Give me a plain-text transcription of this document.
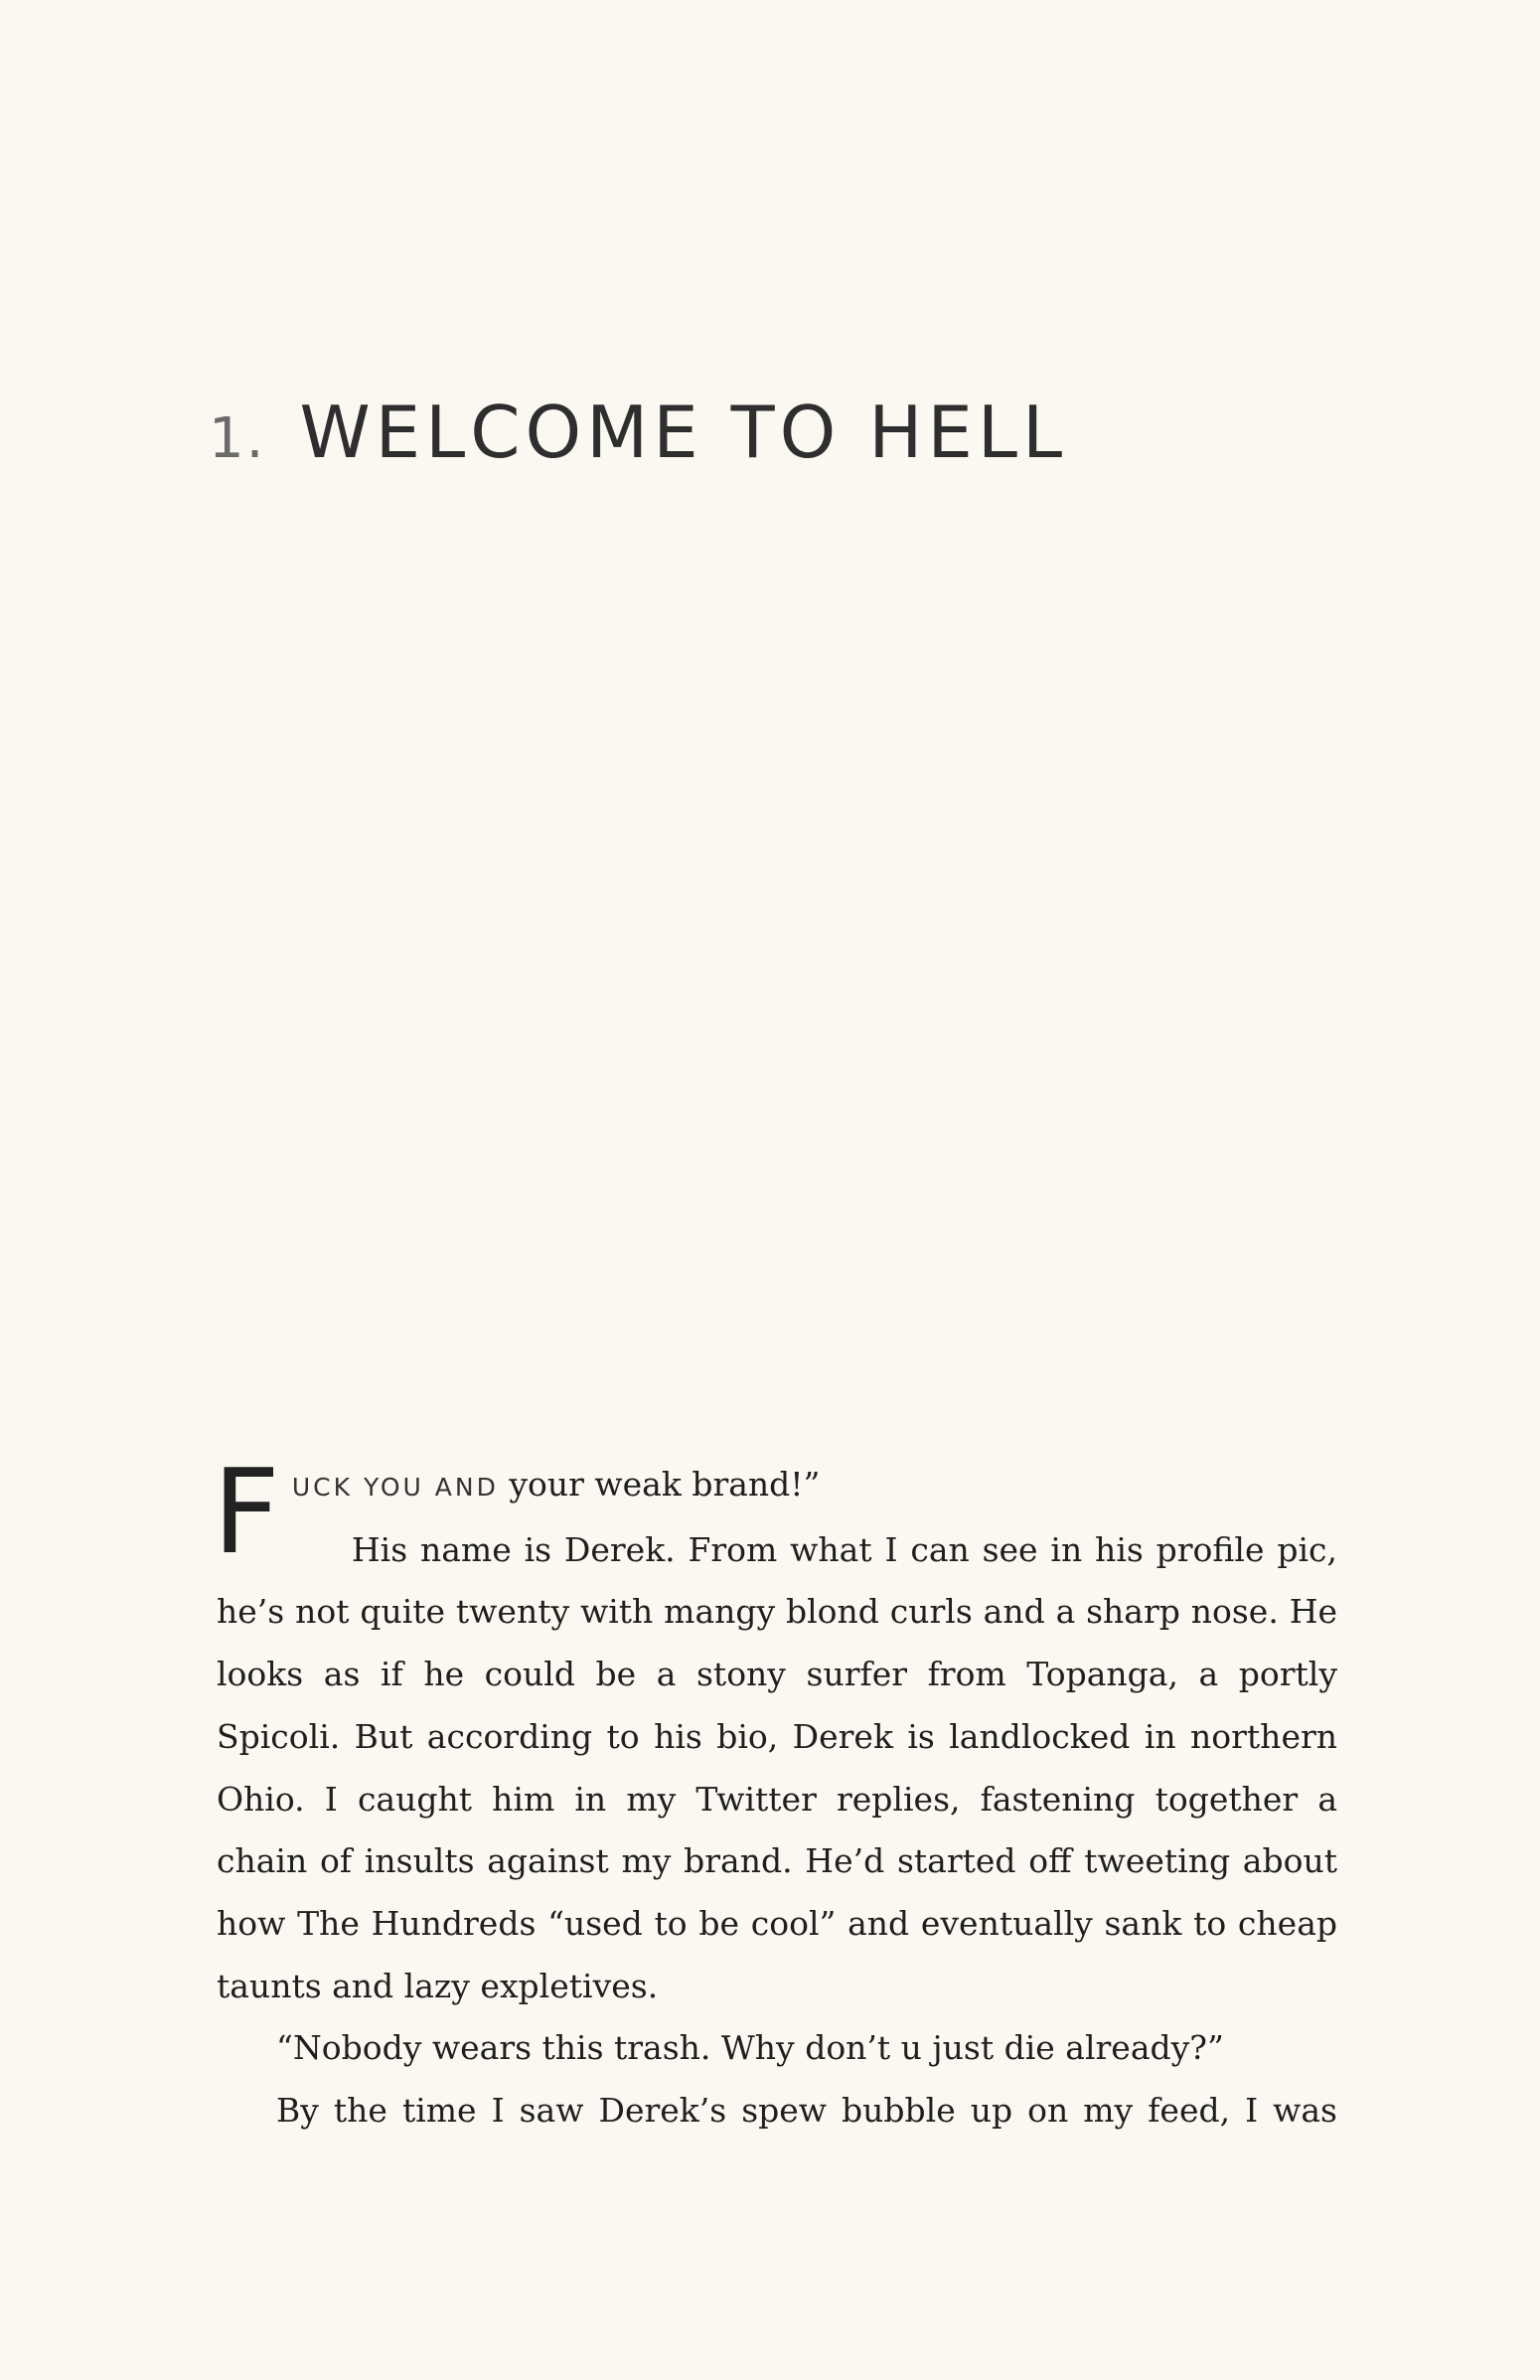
1. WELCOME TO HELL

FUCK YOU AND your weak brand!”

His name is Derek. From what I can see in his profile pic, he’s not quite twenty with mangy blond curls and a sharp nose. He looks as if he could be a stony surfer from Topanga, a portly Spicoli. But according to his bio, Derek is landlocked in northern Ohio. I caught him in my Twitter replies, fastening together a chain of insults against my brand. He’d started off tweeting about how The Hundreds “used to be cool” and eventually sank to cheap taunts and lazy expletives.

“Nobody wears this trash. Why don’t u just die already?”

By the time I saw Derek’s spew bubble up on my feed, I was
